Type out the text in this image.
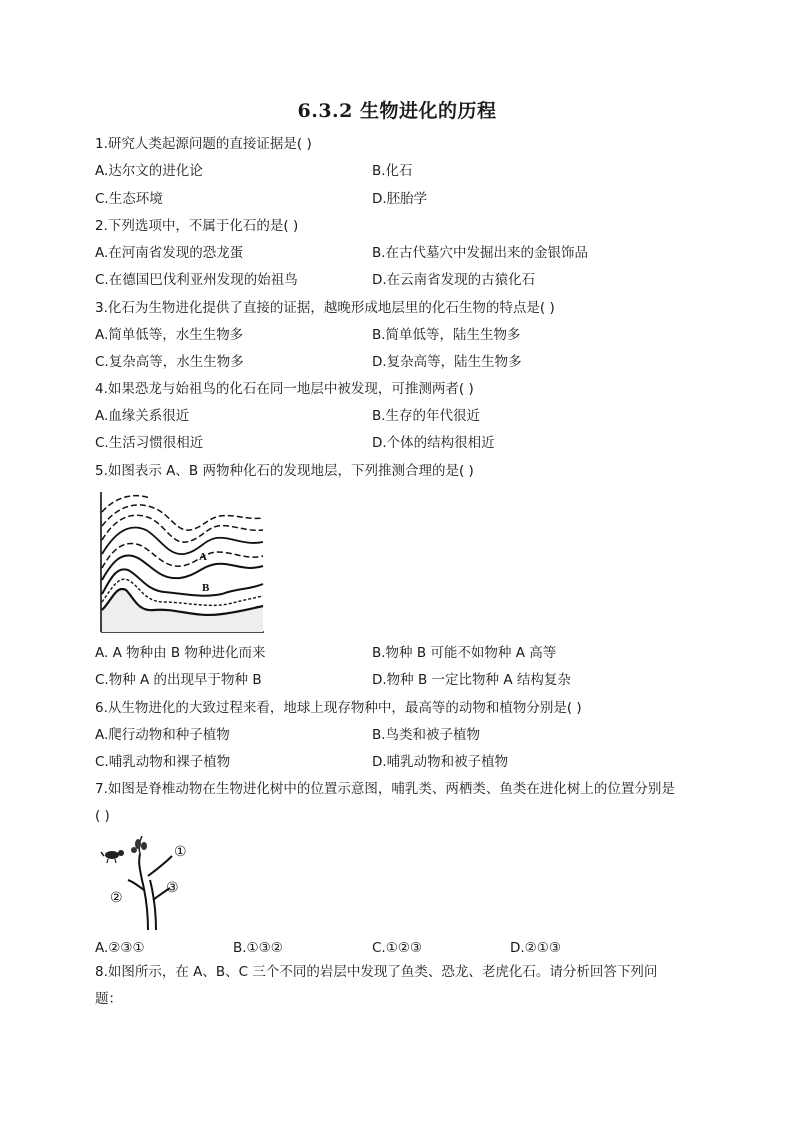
6.3.2 生物进化的历程
1.研究人类起源问题的直接证据是( )
A.达尔文的进化论	B.化石
C.生态环境	D.胚胎学
2.下列选项中，不属于化石的是( )
A.在河南省发现的恐龙蛋	B.在古代墓穴中发掘出来的金银饰品
C.在德国巴伐利亚州发现的始祖鸟	D.在云南省发现的古猿化石
3.化石为生物进化提供了直接的证据，越晚形成地层里的化石生物的特点是( )
A.简单低等，水生生物多	B.简单低等，陆生生物多
C.复杂高等，水生生物多	D.复杂高等，陆生生物多
4.如果恐龙与始祖鸟的化石在同一地层中被发现，可推测两者( )
A.血缘关系很近	B.生存的年代很近
C.生活习惯很相近	D.个体的结构很相近
5.如图表示 A、B 两物种化石的发现地层，下列推测合理的是( )
A
B
A. A 物种由 B 物种进化而来	B.物种 B 可能不如物种 A 高等
C.物种 A 的出现早于物种 B	D.物种 B 一定比物种 A 结构复杂
6.从生物进化的大致过程来看，地球上现存物种中，最高等的动物和植物分别是( )
A.爬行动物和种子植物	B.鸟类和被子植物
C.哺乳动物和裸子植物	D.哺乳动物和被子植物
7.如图是脊椎动物在生物进化树中的位置示意图，哺乳类、两栖类、鱼类在进化树上的位置分别是
( )
①
②
③
A.②③①	B.①③②	C.①②③	D.②①③
8.如图所示，在 A、B、C 三个不同的岩层中发现了鱼类、恐龙、老虎化石。请分析回答下列问
题：
